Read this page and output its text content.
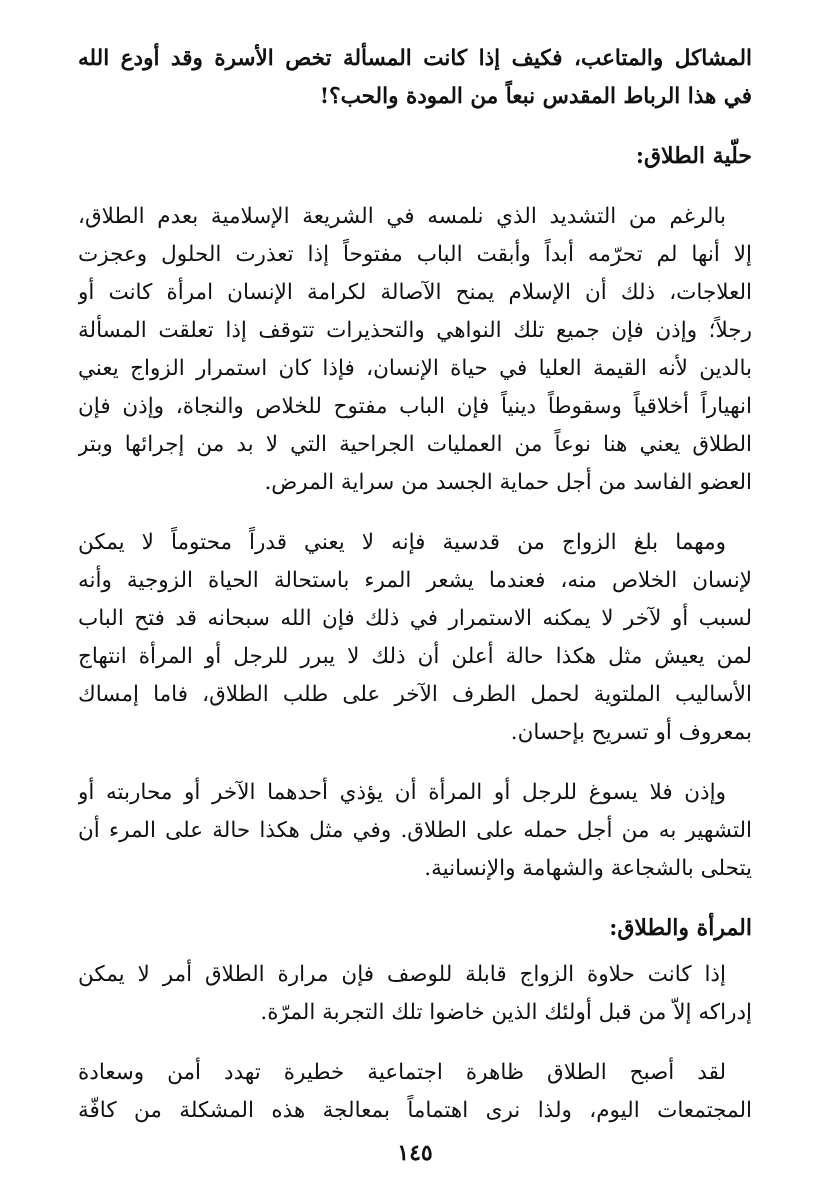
المشاكل والمتاعب، فكيف إذا كانت المسألة تخص الأسرة وقد أودع الله
في هذا الرباط المقدس نبعاً من المودة والحب؟!
حلّية الطلاق:
بالرغم من التشديد الذي نلمسه في الشريعة الإسلامية بعدم الطلاق،
إلا أنها لم تحرّمه أبداً وأبقت الباب مفتوحاً إذا تعذرت الحلول وعجزت
العلاجات، ذلك أن الإسلام يمنح الآصالة لكرامة الإنسان امرأة كانت أو
رجلاً؛ وإذن فإن جميع تلك النواهي والتحذيرات تتوقف إذا تعلقت المسألة
بالدين لأنه القيمة العليا في حياة الإنسان، فإذا كان استمرار الزواج يعني
انهياراً أخلاقياً وسقوطاً دينياً فإن الباب مفتوح للخلاص والنجاة، وإذن فإن
الطلاق يعني هنا نوعاً من العمليات الجراحية التي لا بد من إجرائها وبتر
العضو الفاسد من أجل حماية الجسد من سراية المرض.
ومهما بلغ الزواج من قدسية فإنه لا يعني قدراً محتوماً لا يمكن
لإنسان الخلاص منه، فعندما يشعر المرء باستحالة الحياة الزوجية وأنه
لسبب أو لآخر لا يمكنه الاستمرار في ذلك فإن الله سبحانه قد فتح الباب
لمن يعيش مثل هكذا حالة أعلن أن ذلك لا يبرر للرجل أو المرأة انتهاج
الأساليب الملتوية لحمل الطرف الآخر على طلب الطلاق، فاما إمساك
بمعروف أو تسريح بإحسان.
وإذن فلا يسوغ للرجل أو المرأة أن يؤذي أحدهما الآخر أو محاربته أو
التشهير به من أجل حمله على الطلاق. وفي مثل هكذا حالة على المرء أن
يتحلى بالشجاعة والشهامة والإنسانية.
المرأة والطلاق:
إذا كانت حلاوة الزواج قابلة للوصف فإن مرارة الطلاق أمر لا يمكن
إدراكه إلاّ من قبل أولئك الذين خاضوا تلك التجربة المرّة.
لقد أصبح الطلاق ظاهرة اجتماعية خطيرة تهدد أمن وسعادة
المجتمعات اليوم، ولذا نرى اهتماماً بمعالجة هذه المشكلة من كافّة
١٤٥
